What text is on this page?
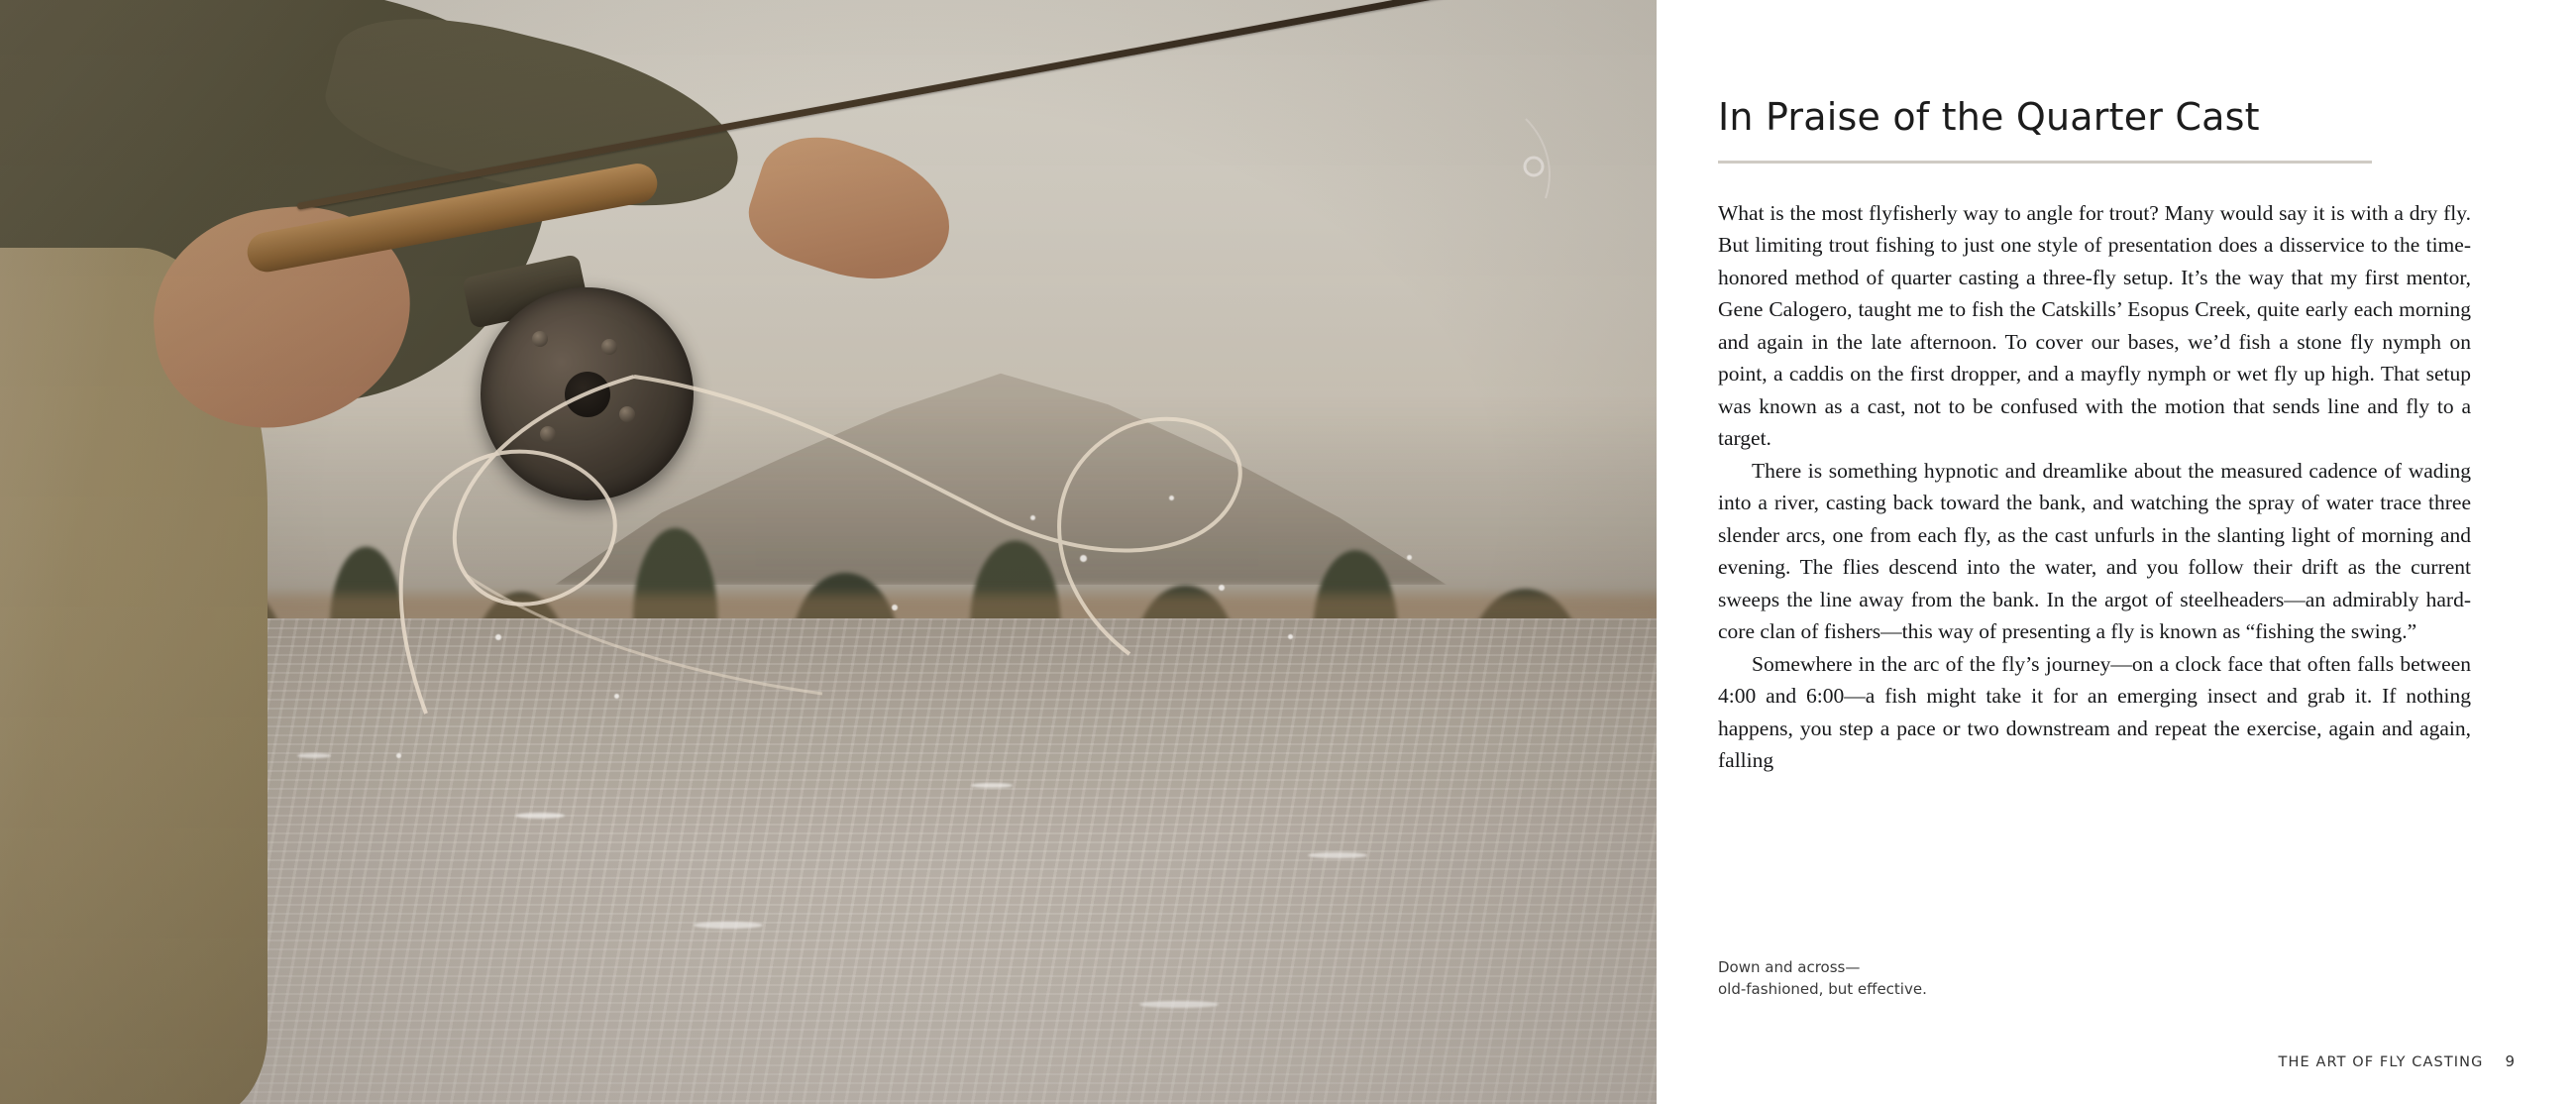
In Praise of the Quarter Cast

What is the most flyfisherly way to angle for trout? Many would say it is with a dry fly. But limiting trout fishing to just one style of presentation does a disservice to the time-honored method of quarter casting a three-fly setup. It’s the way that my first mentor, Gene Calogero, taught me to fish the Catskills’ Esopus Creek, quite early each morning and again in the late afternoon. To cover our bases, we’d fish a stone fly nymph on point, a caddis on the first dropper, and a mayfly nymph or wet fly up high. That setup was known as a cast, not to be confused with the motion that sends line and fly to a target.

There is something hypnotic and dreamlike about the measured cadence of wading into a river, casting back toward the bank, and watching the spray of water trace three slender arcs, one from each fly, as the cast unfurls in the slanting light of morning and evening. The flies descend into the water, and you follow their drift as the current sweeps the line away from the bank. In the argot of steelheaders—an admirably hard-core clan of fishers—this way of presenting a fly is known as “fishing the swing.”

Somewhere in the arc of the fly’s journey—on a clock face that often falls between 4:00 and 6:00—a fish might take it for an emerging insect and grab it. If nothing happens, you step a pace or two downstream and repeat the exercise, again and again, falling

Down and across—
old-fashioned, but effective.
THE ART OF FLY CASTING 9
